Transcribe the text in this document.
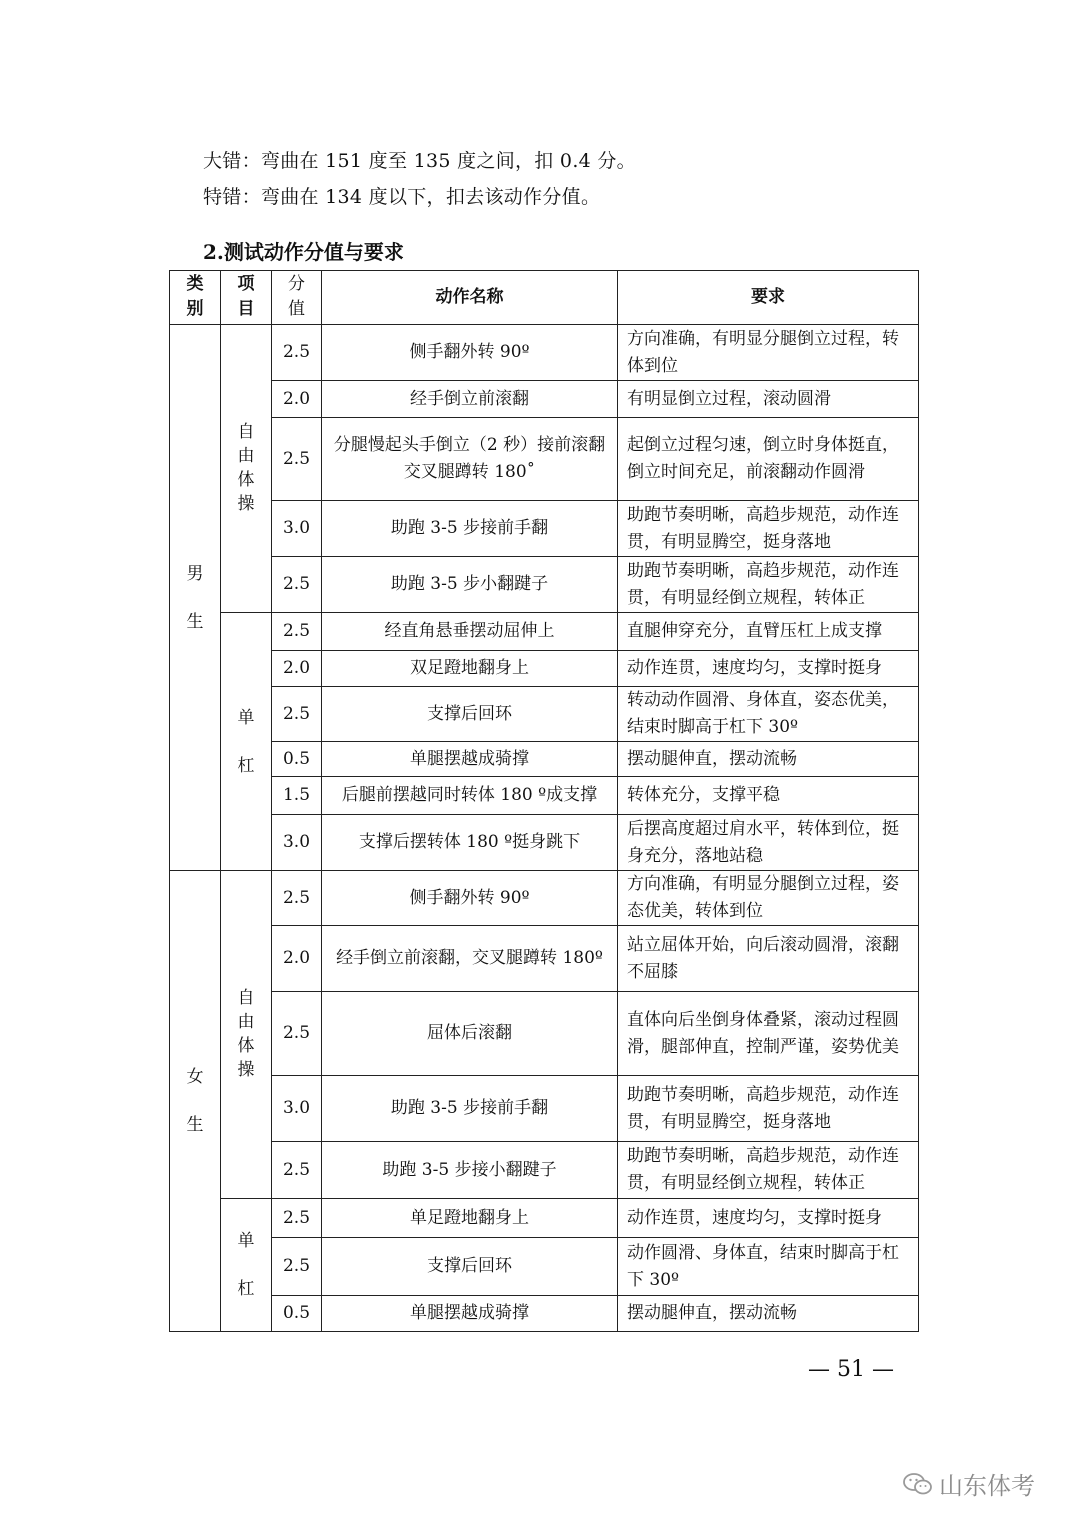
大错：弯曲在 151 度至 135 度之间，扣 0.4 分。
特错：弯曲在 134 度以下，扣去该动作分值。
2.测试动作分值与要求
类别	项目	分值	动作名称	要求
男生	自由体操	2.5	侧手翻外转 90º	方向准确，有明显分腿倒立过程，转体到位
		2.0	经手倒立前滚翻	有明显倒立过程，滚动圆滑
		2.5	分腿慢起头手倒立（2 秒）接前滚翻交叉腿蹲转 180˚	起倒立过程匀速，倒立时身体挺直，倒立时间充足，前滚翻动作圆滑
		3.0	助跑 3-5 步接前手翻	助跑节奏明晰，高趋步规范，动作连贯，有明显腾空，挺身落地
		2.5	助跑 3-5 步小翻踺子	助跑节奏明晰，高趋步规范，动作连贯，有明显经倒立规程，转体正
	单杠	2.5	经直角悬垂摆动屈伸上	直腿伸穿充分，直臂压杠上成支撑
		2.0	双足蹬地翻身上	动作连贯，速度均匀，支撑时挺身
		2.5	支撑后回环	转动动作圆滑、身体直，姿态优美，结束时脚高于杠下 30º
		0.5	单腿摆越成骑撑	摆动腿伸直，摆动流畅
		1.5	后腿前摆越同时转体 180 º成支撑	转体充分，支撑平稳
		3.0	支撑后摆转体 180 º挺身跳下	后摆高度超过肩水平，转体到位，挺身充分，落地站稳
女生	自由体操	2.5	侧手翻外转 90º	方向准确，有明显分腿倒立过程，姿态优美，转体到位
		2.0	经手倒立前滚翻，交叉腿蹲转 180º	站立屈体开始，向后滚动圆滑，滚翻不屈膝
		2.5	屈体后滚翻	直体向后坐倒身体叠紧，滚动过程圆滑，腿部伸直，控制严谨，姿势优美
		3.0	助跑 3-5 步接前手翻	助跑节奏明晰，高趋步规范，动作连贯，有明显腾空，挺身落地
		2.5	助跑 3-5 步接小翻踺子	助跑节奏明晰，高趋步规范，动作连贯，有明显经倒立规程，转体正
	单杠	2.5	单足蹬地翻身上	动作连贯，速度均匀，支撑时挺身
		2.5	支撑后回环	动作圆滑、身体直，结束时脚高于杠下 30º
		0.5	单腿摆越成骑撑	摆动腿伸直，摆动流畅
— 51 —
山东体考
